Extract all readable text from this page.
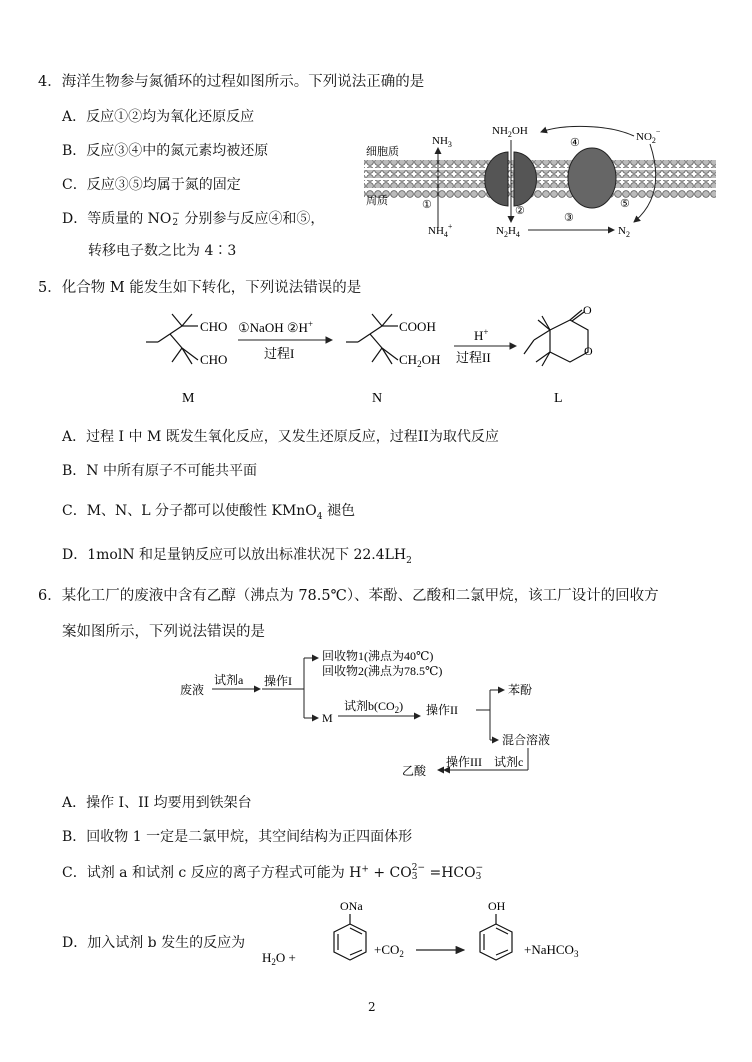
4．海洋生物参与氮循环的过程如图所示。下列说法正确的是
A．反应①②均为氧化还原反应
B．反应③④中的氮元素均被还原
C．反应③⑤均属于氮的固定
D．等质量的 NO −
2 分别参与反应④和⑤，
转移电子数之比为 4∶3
细胞质
周质
$NH_3$
①
$NH_4^+$
$NH_2OH$
②
$N_2H_4$
③
$N_2$
$NO_2^-$
④
⑤
5．化合物 M 能发生如下转化，下列说法错误的是
CHO
CHO
M
①NaOH ②H+
过程I
COOH
$CH_2OH$
N
H+
过程II
O
O
L
A．过程 I 中 M 既发生氧化反应，又发生还原反应，过程II为取代反应
B．N 中所有原子不可能共平面
C．M、N、L 分子都可以使酸性 KMnO$_4$ 褪色
D．1molN 和足量钠反应可以放出标准状况下 $22.4LH_2$
6．某化工厂的废液中含有乙醇（沸点为 78.5℃）、苯酚、乙酸和二氯甲烷，该工厂设计的回收方
案如图所示，下列说法错误的是
废液
试剂a 操作I
回收物1(沸点为40℃)
回收物2(沸点为78.5℃)
M
试剂$b(CO_2)$ 操作II
苯酚
混合溶液
试剂c
操作III
乙酸
A．操作 I、II 均要用到铁架台
B．回收物 1 一定是二氯甲烷，其空间结构为正四面体形
C．试剂 a 和试剂 c 反应的离子方程式可能为 H+ + CO 2−
3 =HCO −
3
D．加入试剂 b 发生的反应为
$H_2O$ +
ONa
$+CO_2$
OH
+NaHCO$_3$
2
